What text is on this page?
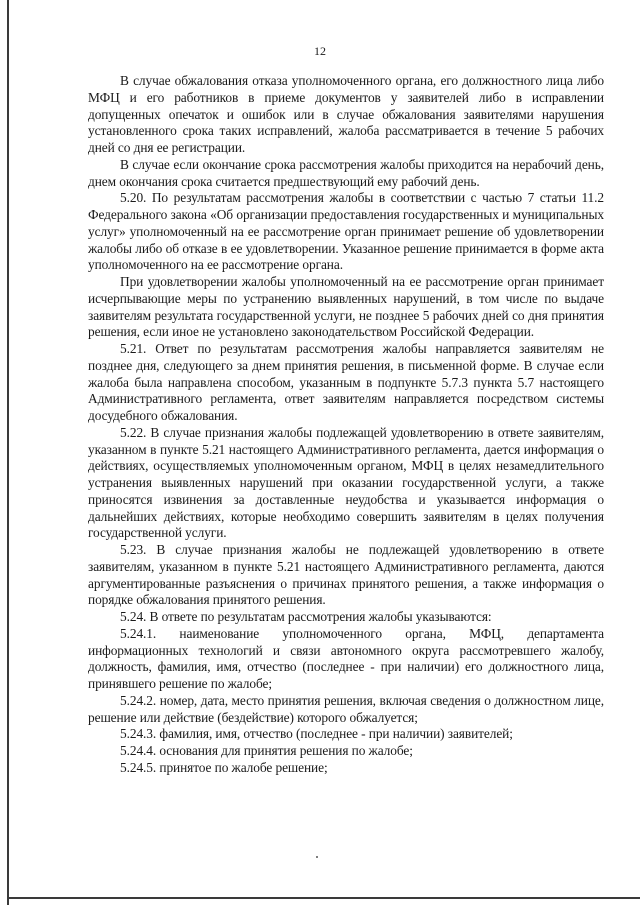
12

В случае обжалования отказа уполномоченного органа, его должностного лица либо МФЦ и его работников в приеме документов у заявителей либо в исправлении допущенных опечаток и ошибок или в случае обжалования заявителями нарушения установленного срока таких исправлений, жалоба рассматривается в течение 5 рабочих дней со дня ее регистрации.

В случае если окончание срока рассмотрения жалобы приходится на нерабочий день, днем окончания срока считается предшествующий ему рабочий день.

5.20. По результатам рассмотрения жалобы в соответствии с частью 7 статьи 11.2 Федерального закона «Об организации предоставления государственных и муниципальных услуг» уполномоченный на ее рассмотрение орган принимает решение об удовлетворении жалобы либо об отказе в ее удовлетворении. Указанное решение принимается в форме акта уполномоченного на ее рассмотрение органа.

При удовлетворении жалобы уполномоченный на ее рассмотрение орган принимает исчерпывающие меры по устранению выявленных нарушений, в том числе по выдаче заявителям результата государственной услуги, не позднее 5 рабочих дней со дня принятия решения, если иное не установлено законодательством Российской Федерации.

5.21. Ответ по результатам рассмотрения жалобы направляется заявителям не позднее дня, следующего за днем принятия решения, в письменной форме. В случае если жалоба была направлена способом, указанным в подпункте 5.7.3 пункта 5.7 настоящего Административного регламента, ответ заявителям направляется посредством системы досудебного обжалования.

5.22. В случае признания жалобы подлежащей удовлетворению в ответе заявителям, указанном в пункте 5.21 настоящего Административного регламента, дается информация о действиях, осуществляемых уполномоченным органом, МФЦ в целях незамедлительного устранения выявленных нарушений при оказании государственной услуги, а также приносятся извинения за доставленные неудобства и указывается информация о дальнейших действиях, которые необходимо совершить заявителям в целях получения государственной услуги.

5.23. В случае признания жалобы не подлежащей удовлетворению в ответе заявителям, указанном в пункте 5.21 настоящего Административного регламента, даются аргументированные разъяснения о причинах принятого решения, а также информация о порядке обжалования принятого решения.

5.24. В ответе по результатам рассмотрения жалобы указываются:

5.24.1. наименование уполномоченного органа, МФЦ, департамента информационных технологий и связи автономного округа рассмотревшего жалобу, должность, фамилия, имя, отчество (последнее - при наличии) его должностного лица, принявшего решение по жалобе;

5.24.2. номер, дата, место принятия решения, включая сведения о должностном лице, решение или действие (бездействие) которого обжалуется;

5.24.3. фамилия, имя, отчество (последнее - при наличии) заявителей;

5.24.4. основания для принятия решения по жалобе;

5.24.5. принятое по жалобе решение;
